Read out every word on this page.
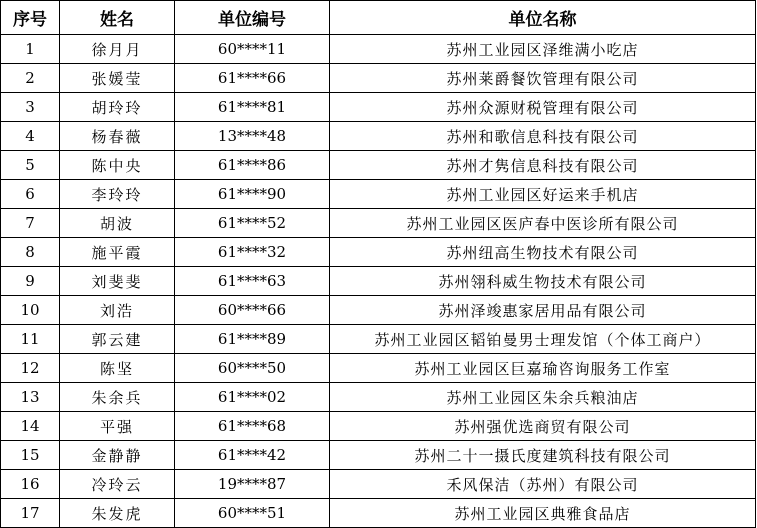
序号	姓名	单位编号	单位名称
1	徐月月	60****11	苏州工业园区泽维满小吃店
2	张媛莹	61****66	苏州莱爵餐饮管理有限公司
3	胡玲玲	61****81	苏州众源财税管理有限公司
4	杨春薇	13****48	苏州和歌信息科技有限公司
5	陈中央	61****86	苏州才隽信息科技有限公司
6	李玲玲	61****90	苏州工业园区好运来手机店
7	胡波	61****52	苏州工业园区医庐春中医诊所有限公司
8	施平霞	61****32	苏州纽高生物技术有限公司
9	刘斐斐	61****63	苏州翎科威生物技术有限公司
10	刘浩	60****66	苏州泽竣惠家居用品有限公司
11	郭云建	61****89	苏州工业园区韬铂曼男士理发馆（个体工商户）
12	陈坚	60****50	苏州工业园区巨嘉瑜咨询服务工作室
13	朱余兵	61****02	苏州工业园区朱余兵粮油店
14	平强	61****68	苏州强优选商贸有限公司
15	金静静	61****42	苏州二十一摄氏度建筑科技有限公司
16	冷玲云	19****87	禾风保洁（苏州）有限公司
17	朱发虎	60****51	苏州工业园区典雅食品店
